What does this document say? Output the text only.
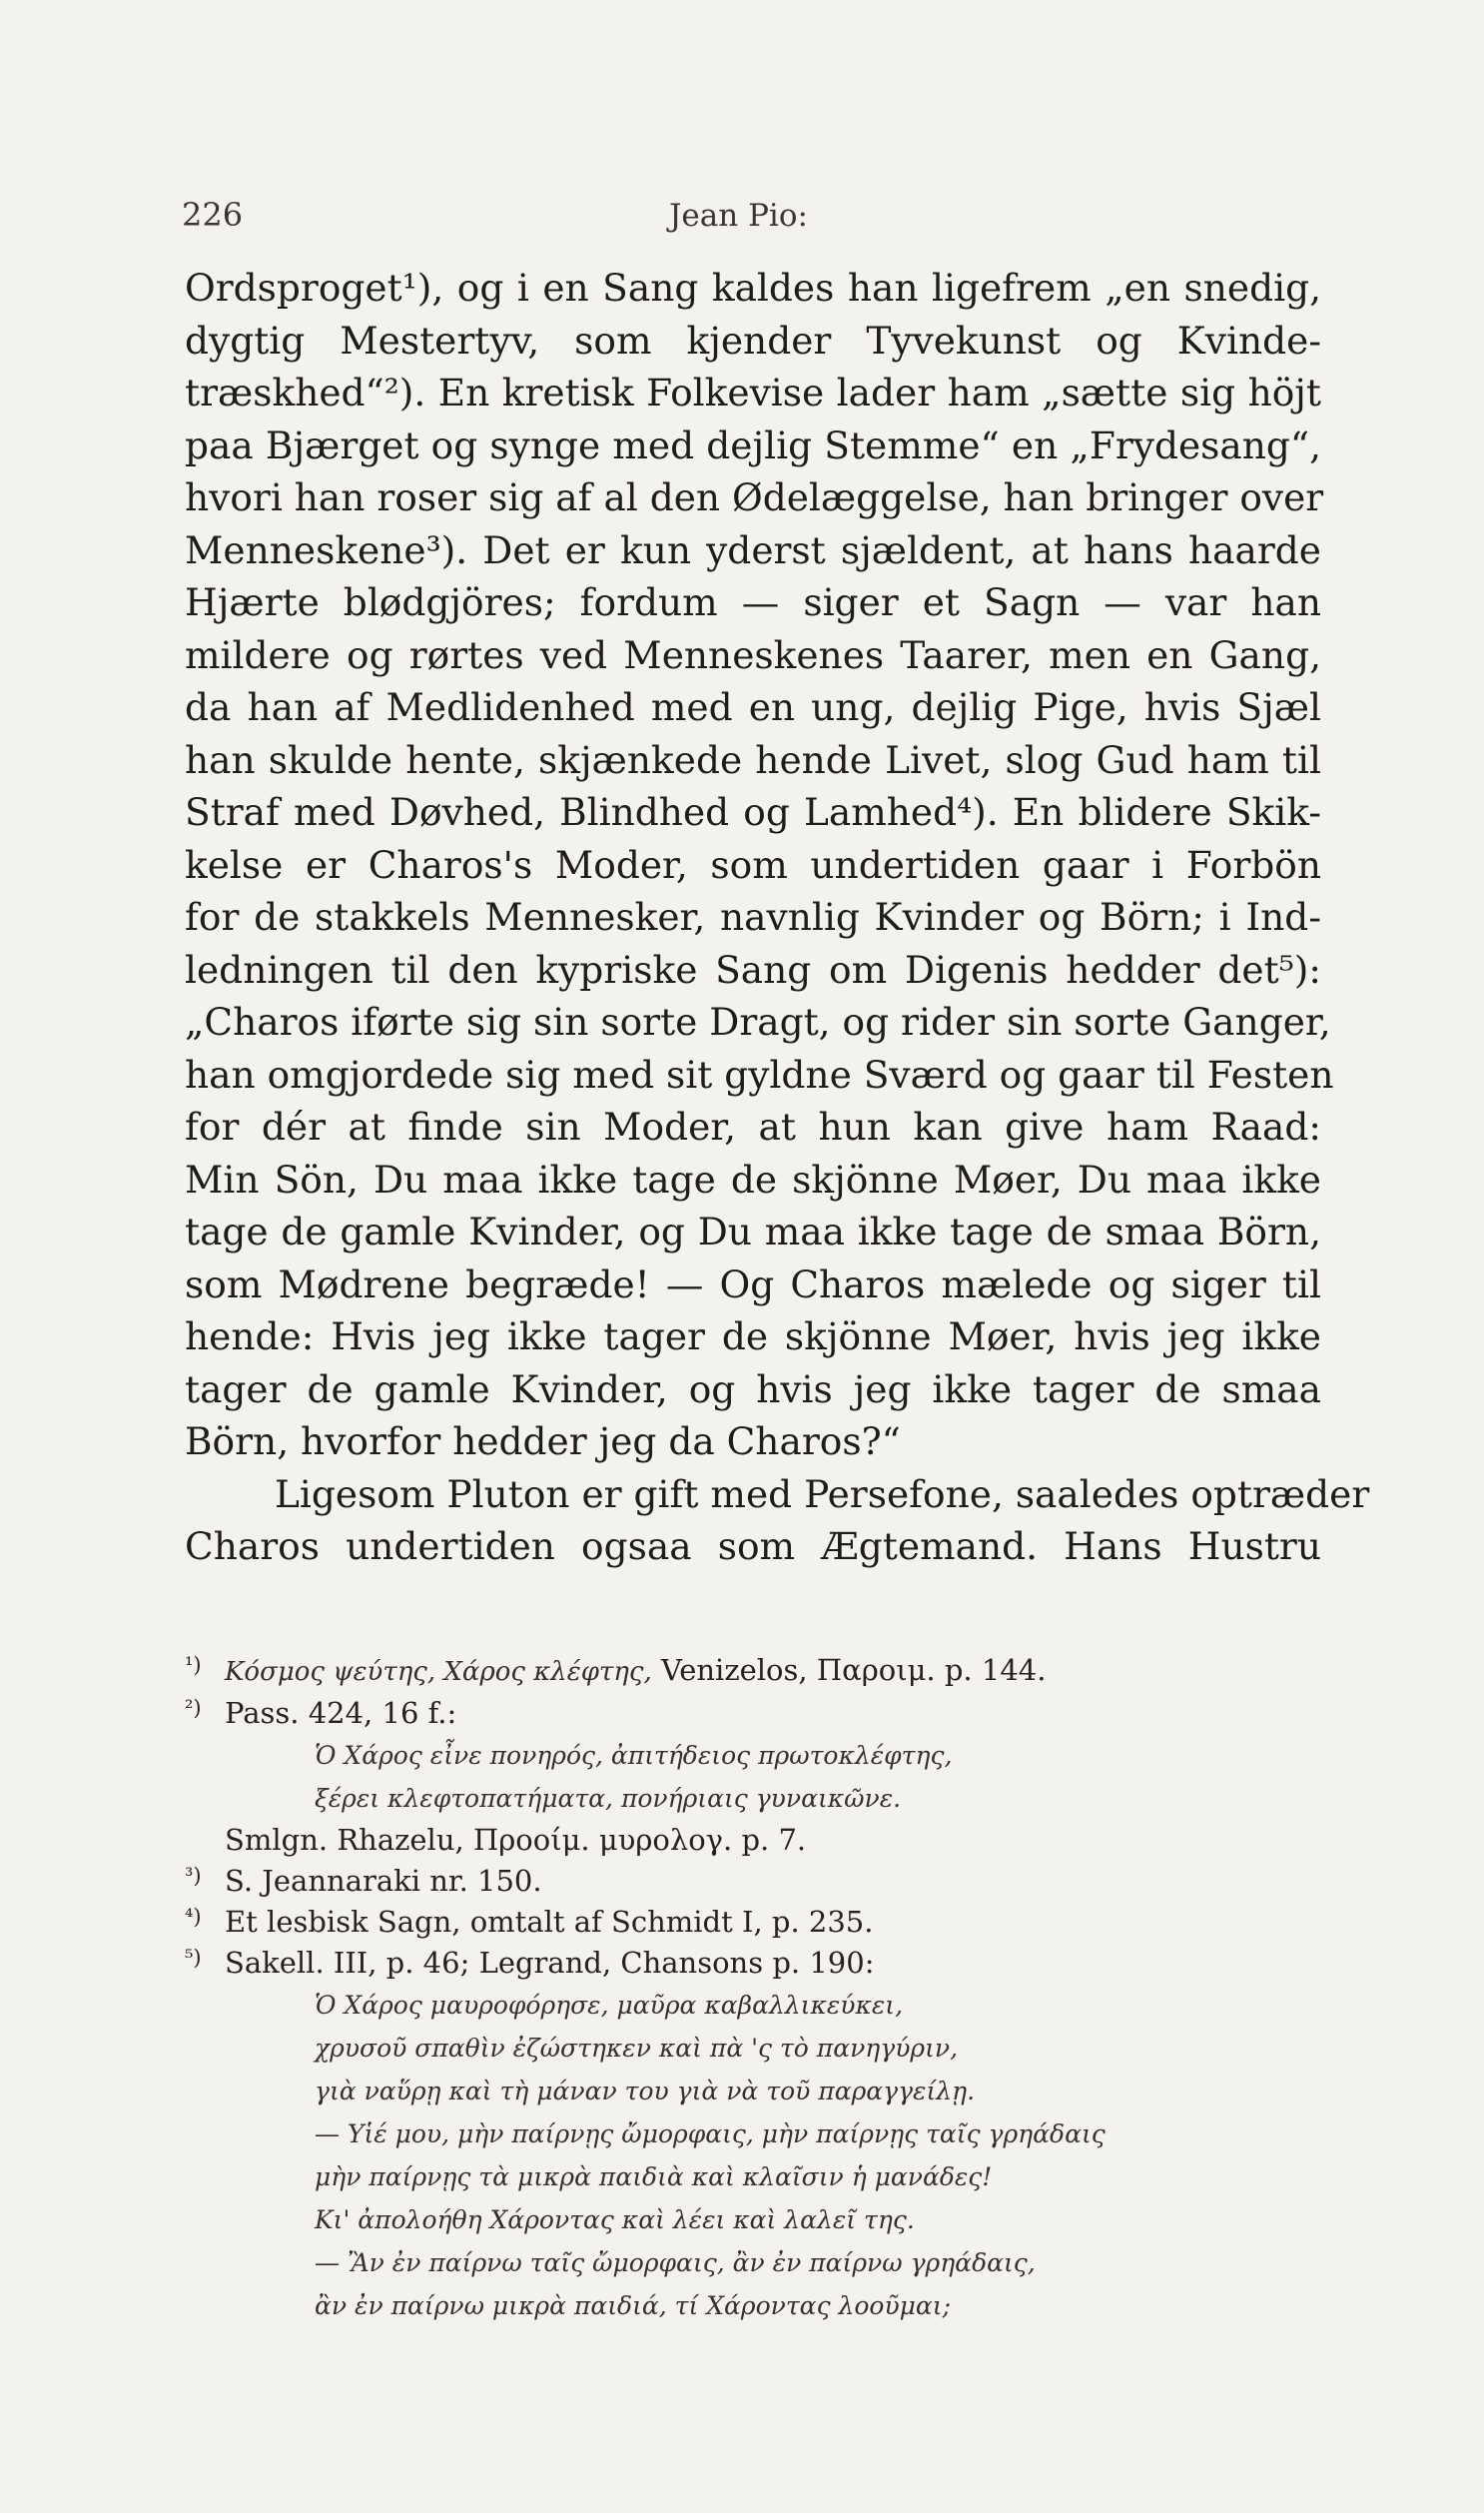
226	Jean Pio:
Ordsproget¹), og i en Sang kaldes han ligefrem „en snedig,
dygtig Mestertyv, som kjender Tyvekunst og Kvinde-
træskhed“²). En kretisk Folkevise lader ham „sætte sig höjt
paa Bjærget og synge med dejlig Stemme“ en „Frydesang“,
hvori han roser sig af al den Ødelæggelse, han bringer over
Menneskene³). Det er kun yderst sjældent, at hans haarde
Hjærte blødgjöres; fordum — siger et Sagn — var han
mildere og rørtes ved Menneskenes Taarer, men en Gang,
da han af Medlidenhed med en ung, dejlig Pige, hvis Sjæl
han skulde hente, skjænkede hende Livet, slog Gud ham til
Straf med Døvhed, Blindhed og Lamhed⁴). En blidere Skik-
kelse er Charos's Moder, som undertiden gaar i Forbön
for de stakkels Mennesker, navnlig Kvinder og Börn; i Ind-
ledningen til den kypriske Sang om Digenis hedder det⁵):
„Charos iførte sig sin sorte Dragt, og rider sin sorte Ganger,
han omgjordede sig med sit gyldne Sværd og gaar til Festen
for dér at finde sin Moder, at hun kan give ham Raad:
Min Sön, Du maa ikke tage de skjönne Møer, Du maa ikke
tage de gamle Kvinder, og Du maa ikke tage de smaa Börn,
som Mødrene begræde! — Og Charos mælede og siger til
hende: Hvis jeg ikke tager de skjönne Møer, hvis jeg ikke
tager de gamle Kvinder, og hvis jeg ikke tager de smaa
Börn, hvorfor hedder jeg da Charos?“
Ligesom Pluton er gift med Persefone, saaledes optræder
Charos undertiden ogsaa som Ægtemand. Hans Hustru
¹) Κόσμος ψεύτης, Χάρος κλέφτης, Venizelos, Παροιμ. p. 144.
²) Pass. 424, 16 f.:
Ὁ Χάρος εἶνε πονηρός, ἀπιτήδειος πρωτοκλέφτης,
ξέρει κλεφτοπατήματα, πονήριαις γυναικῶνε.
Smlgn. Rhazelu, Προοίμ. μυρολογ. p. 7.
³) S. Jeannaraki nr. 150.
⁴) Et lesbisk Sagn, omtalt af Schmidt I, p. 235.
⁵) Sakell. III, p. 46; Legrand, Chansons p. 190:
Ὁ Χάρος μαυροφόρησε, μαῦρα καβαλλικεύκει,
χρυσοῦ σπαθὶν ἐζώστηκεν καὶ πὰ 'ς τὸ πανηγύριν,
γιὰ ναὕρῃ καὶ τὴ μάναν του γιὰ νὰ τοῦ παραγγείλῃ.
— Υἱέ μου, μὴν παίρνῃς ὤμορφαις, μὴν παίρνῃς ταῖς γρηάδαις
μὴν παίρνῃς τὰ μικρὰ παιδιὰ καὶ κλαῖσιν ἡ μανάδες!
Κι' ἀπολοήθη Χάροντας καὶ λέει καὶ λαλεῖ της.
— Ἂν ἐν παίρνω ταῖς ὤμορφαις, ἂν ἐν παίρνω γρηάδαις,
ἂν ἐν παίρνω μικρὰ παιδιά, τί Χάροντας λοοῦμαι;
